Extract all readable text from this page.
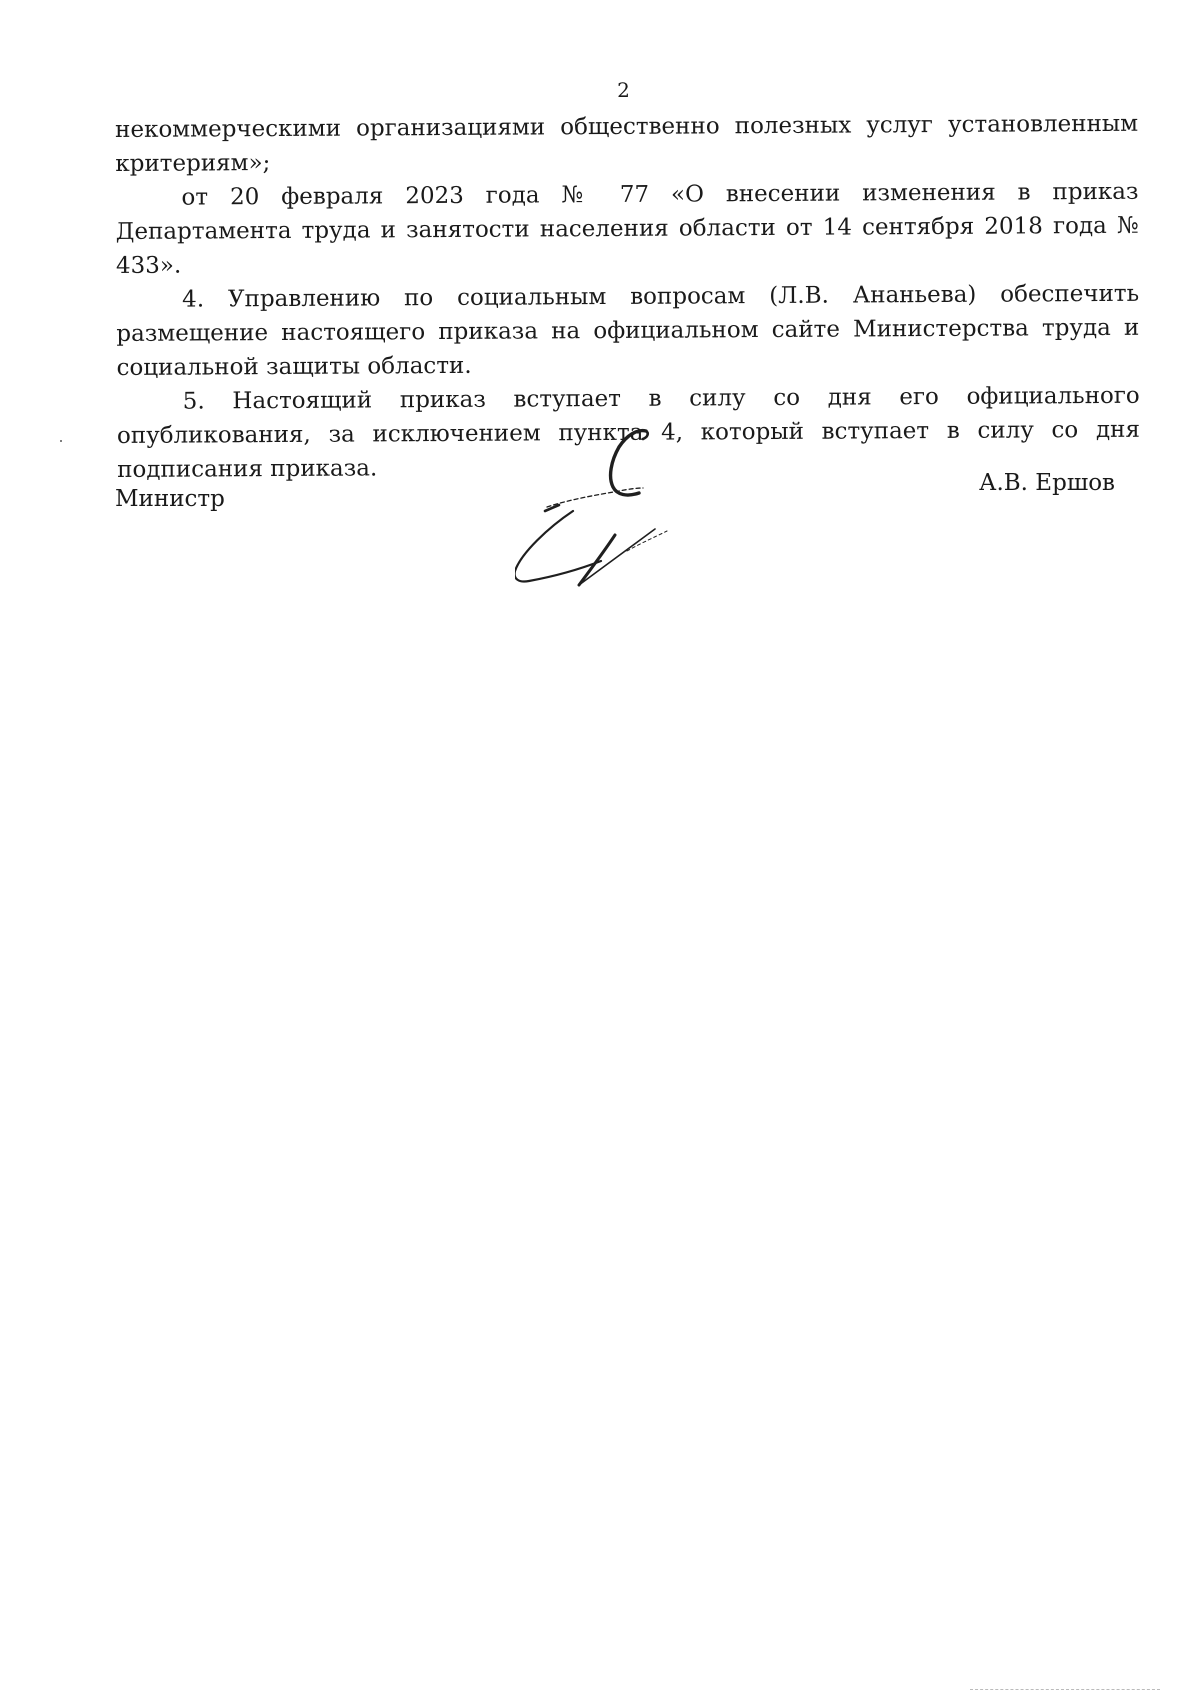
2

некоммерческими организациями общественно полезных услуг установленным критериям»;

от 20 февраля 2023 года № 77 «О внесении изменения в приказ Департамента труда и занятости населения области от 14 сентября 2018 года № 433».

4. Управлению по социальным вопросам (Л.В. Ананьева) обеспечить размещение настоящего приказа на официальном сайте Министерства труда и социальной защиты области.

5. Настоящий приказ вступает в силу со дня его официального опубликования, за исключением пункта 4, который вступает в силу со дня подписания приказа.

Министр
А.В. Ершов
